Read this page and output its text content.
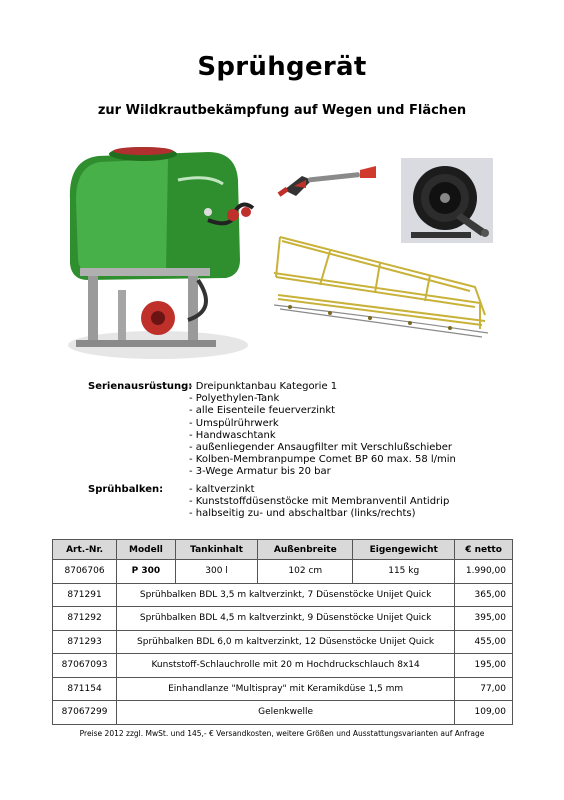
Sprühgerät
zur Wildkrautbekämpfung auf Wegen und Flächen
Serienausrüstung: - Dreipunktanbau Kategorie 1
- Polyethylen-Tank
- alle Eisenteile feuerverzinkt
- Umspülrührwerk
- Handwaschtank
- außenliegender Ansaugfilter mit Verschlußschieber
- Kolben-Membranpumpe Comet BP 60 max. 58 l/min
- 3-Wege Armatur bis 20 bar
Sprühbalken:	- kaltverzinkt
- Kunststoffdüsenstöcke mit Membranventil Antidrip
- halbseitig zu- und abschaltbar (links/rechts)
Art.-Nr.	Modell	Tankinhalt	Außenbreite	Eigengewicht	€ netto
8706706	P 300	300 l	102 cm	115 kg	1.990,00
871291	Sprühbalken BDL 3,5 m kaltverzinkt, 7 Düsenstöcke Unijet Quick				365,00
871292	Sprühbalken BDL 4,5 m kaltverzinkt, 9 Düsenstöcke Unijet Quick				395,00
871293	Sprühbalken BDL 6,0 m kaltverzinkt, 12 Düsenstöcke Unijet Quick				455,00
87067093	Kunststoff-Schlauchrolle mit 20 m Hochdruckschlauch 8x14				195,00
871154	Einhandlanze "Multispray" mit Keramikdüse 1,5 mm				77,00
87067299	Gelenkwelle				109,00
Preise 2012 zzgl. MwSt. und 145,- € Versandkosten, weitere Größen und Ausstattungsvarianten auf Anfrage
